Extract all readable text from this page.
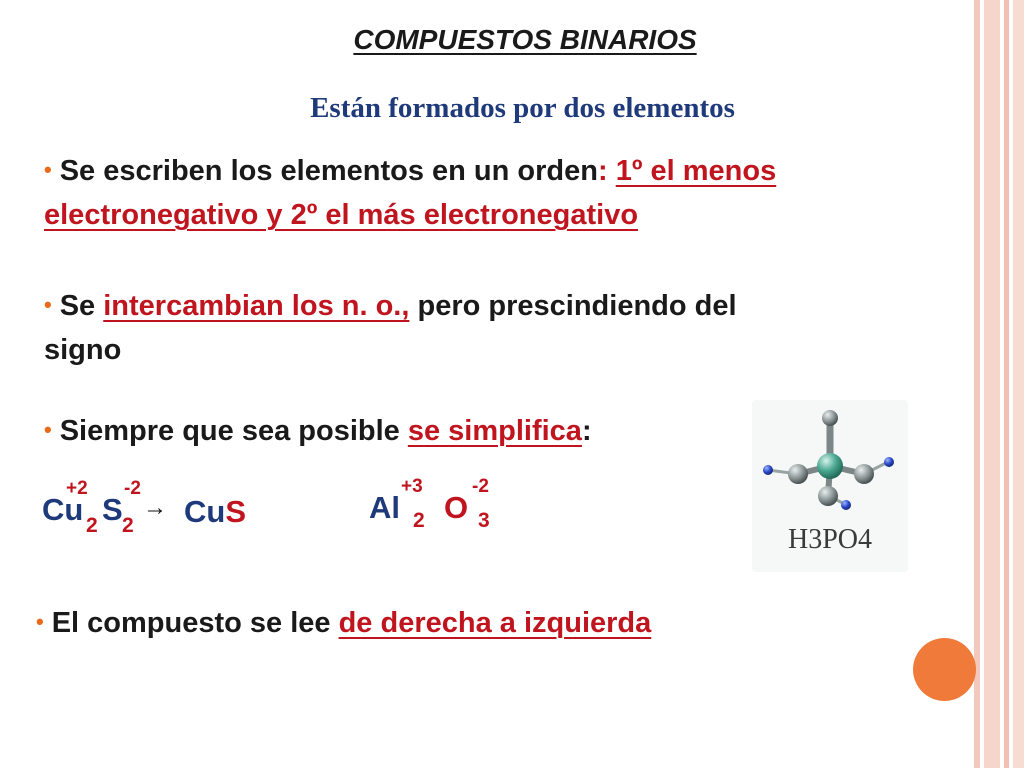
COMPUESTOS BINARIOS
Están formados por dos elementos
• Se escriben los elementos en un orden: 1º el menos
electronegativo y 2º el más electronegativo
• Se intercambian los n. o., pero prescindiendo del
signo
• Siempre que sea posible se simplifica:
+2 -2
Cu 2 S 2
→ CuS
+3	-2
Al 2 O 3
H3PO4
• El compuesto se lee de derecha a izquierda
